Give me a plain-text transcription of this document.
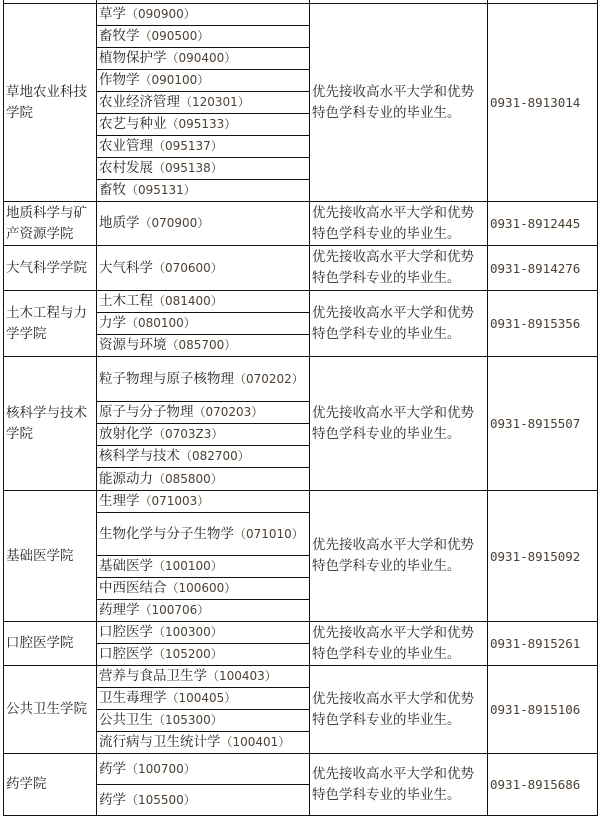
草地农业科技学院	草学（090900）	优先接收高水平大学和优势特色学科专业的毕业生。	0931-8913014
	畜牧学（090500）		
	植物保护学（090400）		
	作物学（090100）		
	农业经济管理（120301）		
	农艺与种业（095133）		
	农业管理（095137）		
	农村发展（095138）		
	畜牧（095131）		
地质科学与矿产资源学院	地质学（070900）	优先接收高水平大学和优势特色学科专业的毕业生。	0931-8912445
大气科学学院	大气科学（070600）	优先接收高水平大学和优势特色学科专业的毕业生。	0931-8914276
土木工程与力学学院	土木工程（081400）	优先接收高水平大学和优势特色学科专业的毕业生。	0931-8915356
	力学（080100）		
	资源与环境（085700）		
核科学与技术学院	粒子物理与原子核物理（070202）	优先接收高水平大学和优势特色学科专业的毕业生。	0931-8915507
	原子与分子物理（070203）		
	放射化学（0703Z3）		
	核科学与技术（082700）		
	能源动力（085800）		
基础医学院	生理学（071003）	优先接收高水平大学和优势特色学科专业的毕业生。	0931-8915092
	生物化学与分子生物学（071010）		
	基础医学（100100）		
	中西医结合（100600）		
	药理学（100706）		
口腔医学院	口腔医学（100300）	优先接收高水平大学和优势特色学科专业的毕业生。	0931-8915261
	口腔医学（105200）		
公共卫生学院	营养与食品卫生学（100403）	优先接收高水平大学和优势特色学科专业的毕业生。	0931-8915106
	卫生毒理学（100405）		
	公共卫生（105300）		
	流行病与卫生统计学（100401）		
药学院	药学（100700）	优先接收高水平大学和优势特色学科专业的毕业生。	0931-8915686
	药学（105500）		
